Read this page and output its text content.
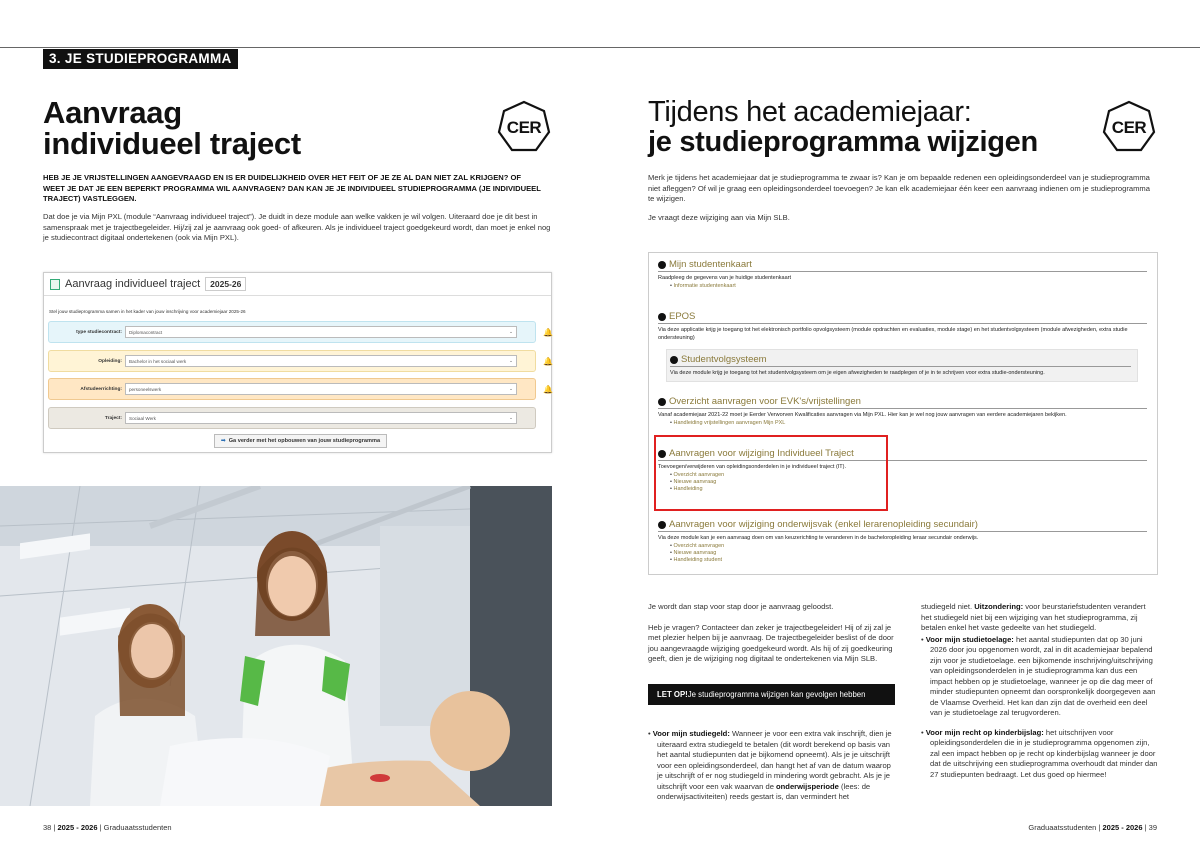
3. JE STUDIEPROGRAMMA
Aanvraag
individueel traject	CER
HEB JE JE VRIJSTELLINGEN AANGEVRAAGD EN IS ER DUIDELIJKHEID OVER HET FEIT OF JE ZE AL DAN NIET ZAL KRIJGEN? OF WEET JE DAT JE EEN BEPERKT PROGRAMMA WIL AANVRAGEN? DAN KAN JE JE INDIVIDUEEL STUDIEPROGRAMMA (JE INDIVIDUEEL TRAJECT) VASTLEGGEN.
Dat doe je via Mijn PXL (module “Aanvraag individueel traject”). Je duidt in deze module aan welke vakken je wil volgen. Uiteraard doe je dit best in samenspraak met je trajectbegeleider. Hij/zij zal je aanvraag ook goed- of afkeuren. Als je individueel traject goedgekeurd wordt, dan moet je enkel nog je studiecontract digitaal ondertekenen (ook via Mijn PXL).
Aanvraag individueel traject	2025-26
Stel jouw studieprogramma samen in het kader van jouw inschrijving voor academiejaar 2025-26
type studiecontract:	Diplomacontract	⌄	🔔
Opleiding:	Bachelor in het sociaal werk	⌄	🔔
Afstudeerrichting:	personeelswerk	⌄	🔔
Traject:	Sociaal Werk	⌄
➡ Ga verder met het opbouwen van jouw studieprogramma
38 | 2025 - 2026 | Graduaatsstudenten
Tijdens het academiejaar:
je studieprogramma wijzigen	CER
Merk je tijdens het academiejaar dat je studieprogramma te zwaar is? Kan je om bepaalde redenen een opleidingsonderdeel van je studieprogramma niet afleggen? Of wil je graag een opleidingsonderdeel toevoegen? Je kan elk academiejaar één keer een aanvraag indienen om je studieprogramma te wijzigen.
Je vraagt deze wijziging aan via Mijn SLB.
Mijn studentenkaart
Raadpleeg de gegevens van je huidige studentenkaart
• Informatie studentenkaart
EPOS
Via deze applicatie krijg je toegang tot het elektronisch portfolio opvolgsysteem (module opdrachten en evaluaties, module stage) en het studentvolgsysteem (module afwezigheden, extra studie ondersteuning)
Studentvolgsysteem
Via deze module krijg je toegang tot het studentvolgsysteem om je eigen afwezigheden te raadplegen of je in te schrijven voor extra studie-ondersteuning.
Overzicht aanvragen voor EVK's/vrijstellingen
Vanaf academiejaar 2021-22 moet je Eerder Verworven Kwalificaties aanvragen via Mijn PXL. Hier kan je wel nog jouw aanvragen van eerdere academiejaren bekijken.
• Handleiding vrijstellingen aanvragen Mijn PXL
Aanvragen voor wijziging Individueel Traject
Toevoegen/verwijderen van opleidingsonderdelen in je individueel traject (IT).
• Overzicht aanvragen
• Nieuwe aanvraag
• Handleiding
Aanvragen voor wijziging onderwijsvak (enkel lerarenopleiding secundair)
Via deze module kan je een aanvraag doen om van keuzerichting te veranderen in de bacheloropleiding leraar secundair onderwijs.
• Overzicht aanvragen
• Nieuwe aanvraag
• Handleiding student

Je wordt dan stap voor stap door je aanvraag geloodst.

Heb je vragen? Contacteer dan zeker je trajectbegeleider! Hij of zij zal je met plezier helpen bij je aanvraag. De trajectbegeleider beslist of de door jou aangevraagde wijziging goedgekeurd wordt. Als hij of zij goedkeuring geeft, dien je de wijziging nog digitaal te ondertekenen via Mijn SLB.

LET OP! Je studieprogramma wijzigen kan gevolgen hebben
• Voor mijn studiegeld: Wanneer je voor een extra vak inschrijft, dien je uiteraard extra studiegeld te betalen (dit wordt berekend op basis van het aantal studiepunten dat je bijkomend opneemt). Als je je uitschrijft voor een opleidingsonderdeel, dan hangt het af van de datum waarop je uitschrijft of er nog studiegeld in mindering wordt gebracht. Als je je uitschrijft voor een vak waarvan de onderwijsperiode (lees: de onderwijsactiviteiten) reeds gestart is, dan vermindert het

studiegeld niet. Uitzondering: voor beurstariefstudenten verandert het studiegeld niet bij een wijziging van het studieprogramma, zij betalen enkel het vaste gedeelte van het studiegeld.

• Voor mijn studietoelage: het aantal studiepunten dat op 30 juni 2026 door jou opgenomen wordt, zal in dit academiejaar bepalend zijn voor je studietoelage. een bijkomende inschrijving/uitschrijving van opleidingsonderdelen in je studieprogramma kan dus een impact hebben op je studietoelage, wanneer je op die dag meer of minder studiepunten opneemt dan oorspronkelijk doorgegeven aan de Vlaamse Overheid. Het kan dan zijn dat de overheid een deel van je studietoelage zal terugvorderen.

• Voor mijn recht op kinderbijslag: het uitschrijven voor opleidingsonderdelen die in je studieprogramma opgenomen zijn, zal een impact hebben op je recht op kinderbijslag wanneer je door dat de uitschrijving een studieprogramma overhoudt dat minder dan 27 studiepunten bedraagt. Let dus goed op hiermee!

Graduaatsstudenten | 2025 - 2026 | 39
